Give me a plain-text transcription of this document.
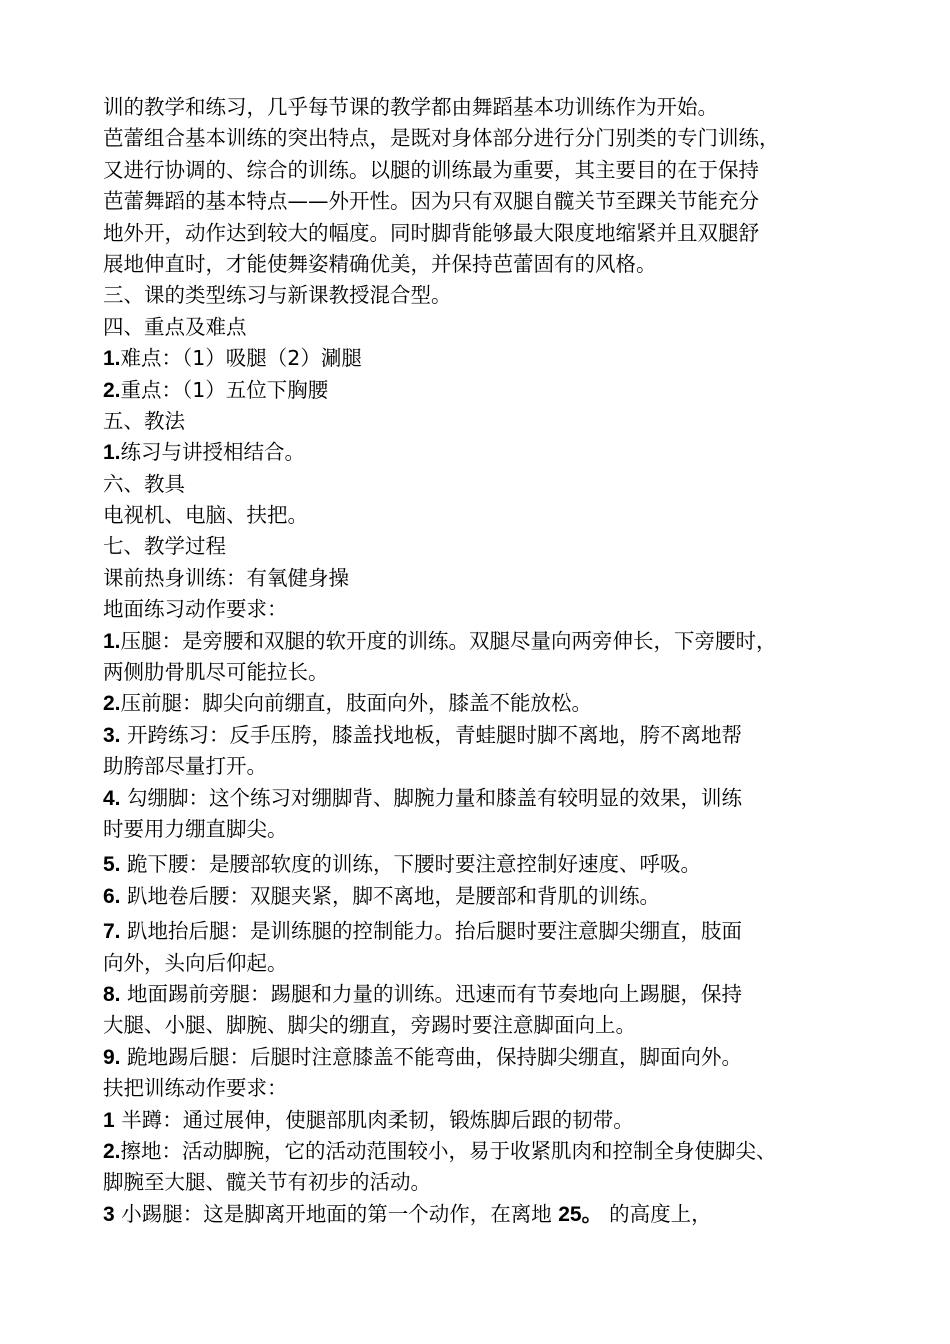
训的教学和练习，几乎每节课的教学都由舞蹈基本功训练作为开始。
芭蕾组合基本训练的突出特点，是既对身体部分进行分门别类的专门训练，
又进行协调的、综合的训练。以腿的训练最为重要，其主要目的在于保持
芭蕾舞蹈的基本特点——外开性。因为只有双腿自髋关节至踝关节能充分
地外开，动作达到较大的幅度。同时脚背能够最大限度地缩紧并且双腿舒
展地伸直时，才能使舞姿精确优美，并保持芭蕾固有的风格。
三、课的类型练习与新课教授混合型。
四、重点及难点
1.难点：（1）吸腿（2）涮腿
2.重点：（1）五位下胸腰
五、教法
1.练习与讲授相结合。
六、教具
电视机、电脑、扶把。
七、教学过程
课前热身训练：有氧健身操
地面练习动作要求：
1.压腿：是旁腰和双腿的软开度的训练。双腿尽量向两旁伸长，下旁腰时，
两侧肋骨肌尽可能拉长。
2.压前腿：脚尖向前绷直，肢面向外，膝盖不能放松。
3. 开跨练习：反手压胯，膝盖找地板，青蛙腿时脚不离地，胯不离地帮
助胯部尽量打开。
4. 勾绷脚：这个练习对绷脚背、脚腕力量和膝盖有较明显的效果，训练
时要用力绷直脚尖。
5. 跪下腰：是腰部软度的训练，下腰时要注意控制好速度、呼吸。
6. 趴地卷后腰：双腿夹紧，脚不离地，是腰部和背肌的训练。
7. 趴地抬后腿：是训练腿的控制能力。抬后腿时要注意脚尖绷直，肢面
向外，头向后仰起。
8. 地面踢前旁腿：踢腿和力量的训练。迅速而有节奏地向上踢腿，保持
大腿、小腿、脚腕、脚尖的绷直，旁踢时要注意脚面向上。
9. 跪地踢后腿：后腿时注意膝盖不能弯曲，保持脚尖绷直，脚面向外。
扶把训练动作要求：
1 半蹲：通过展伸，使腿部肌肉柔韧，锻炼脚后跟的韧带。
2.擦地：活动脚腕，它的活动范围较小，易于收紧肌肉和控制全身使脚尖、
脚腕至大腿、髋关节有初步的活动。
3 小踢腿：这是脚离开地面的第一个动作，在离地 25。 的高度上，
